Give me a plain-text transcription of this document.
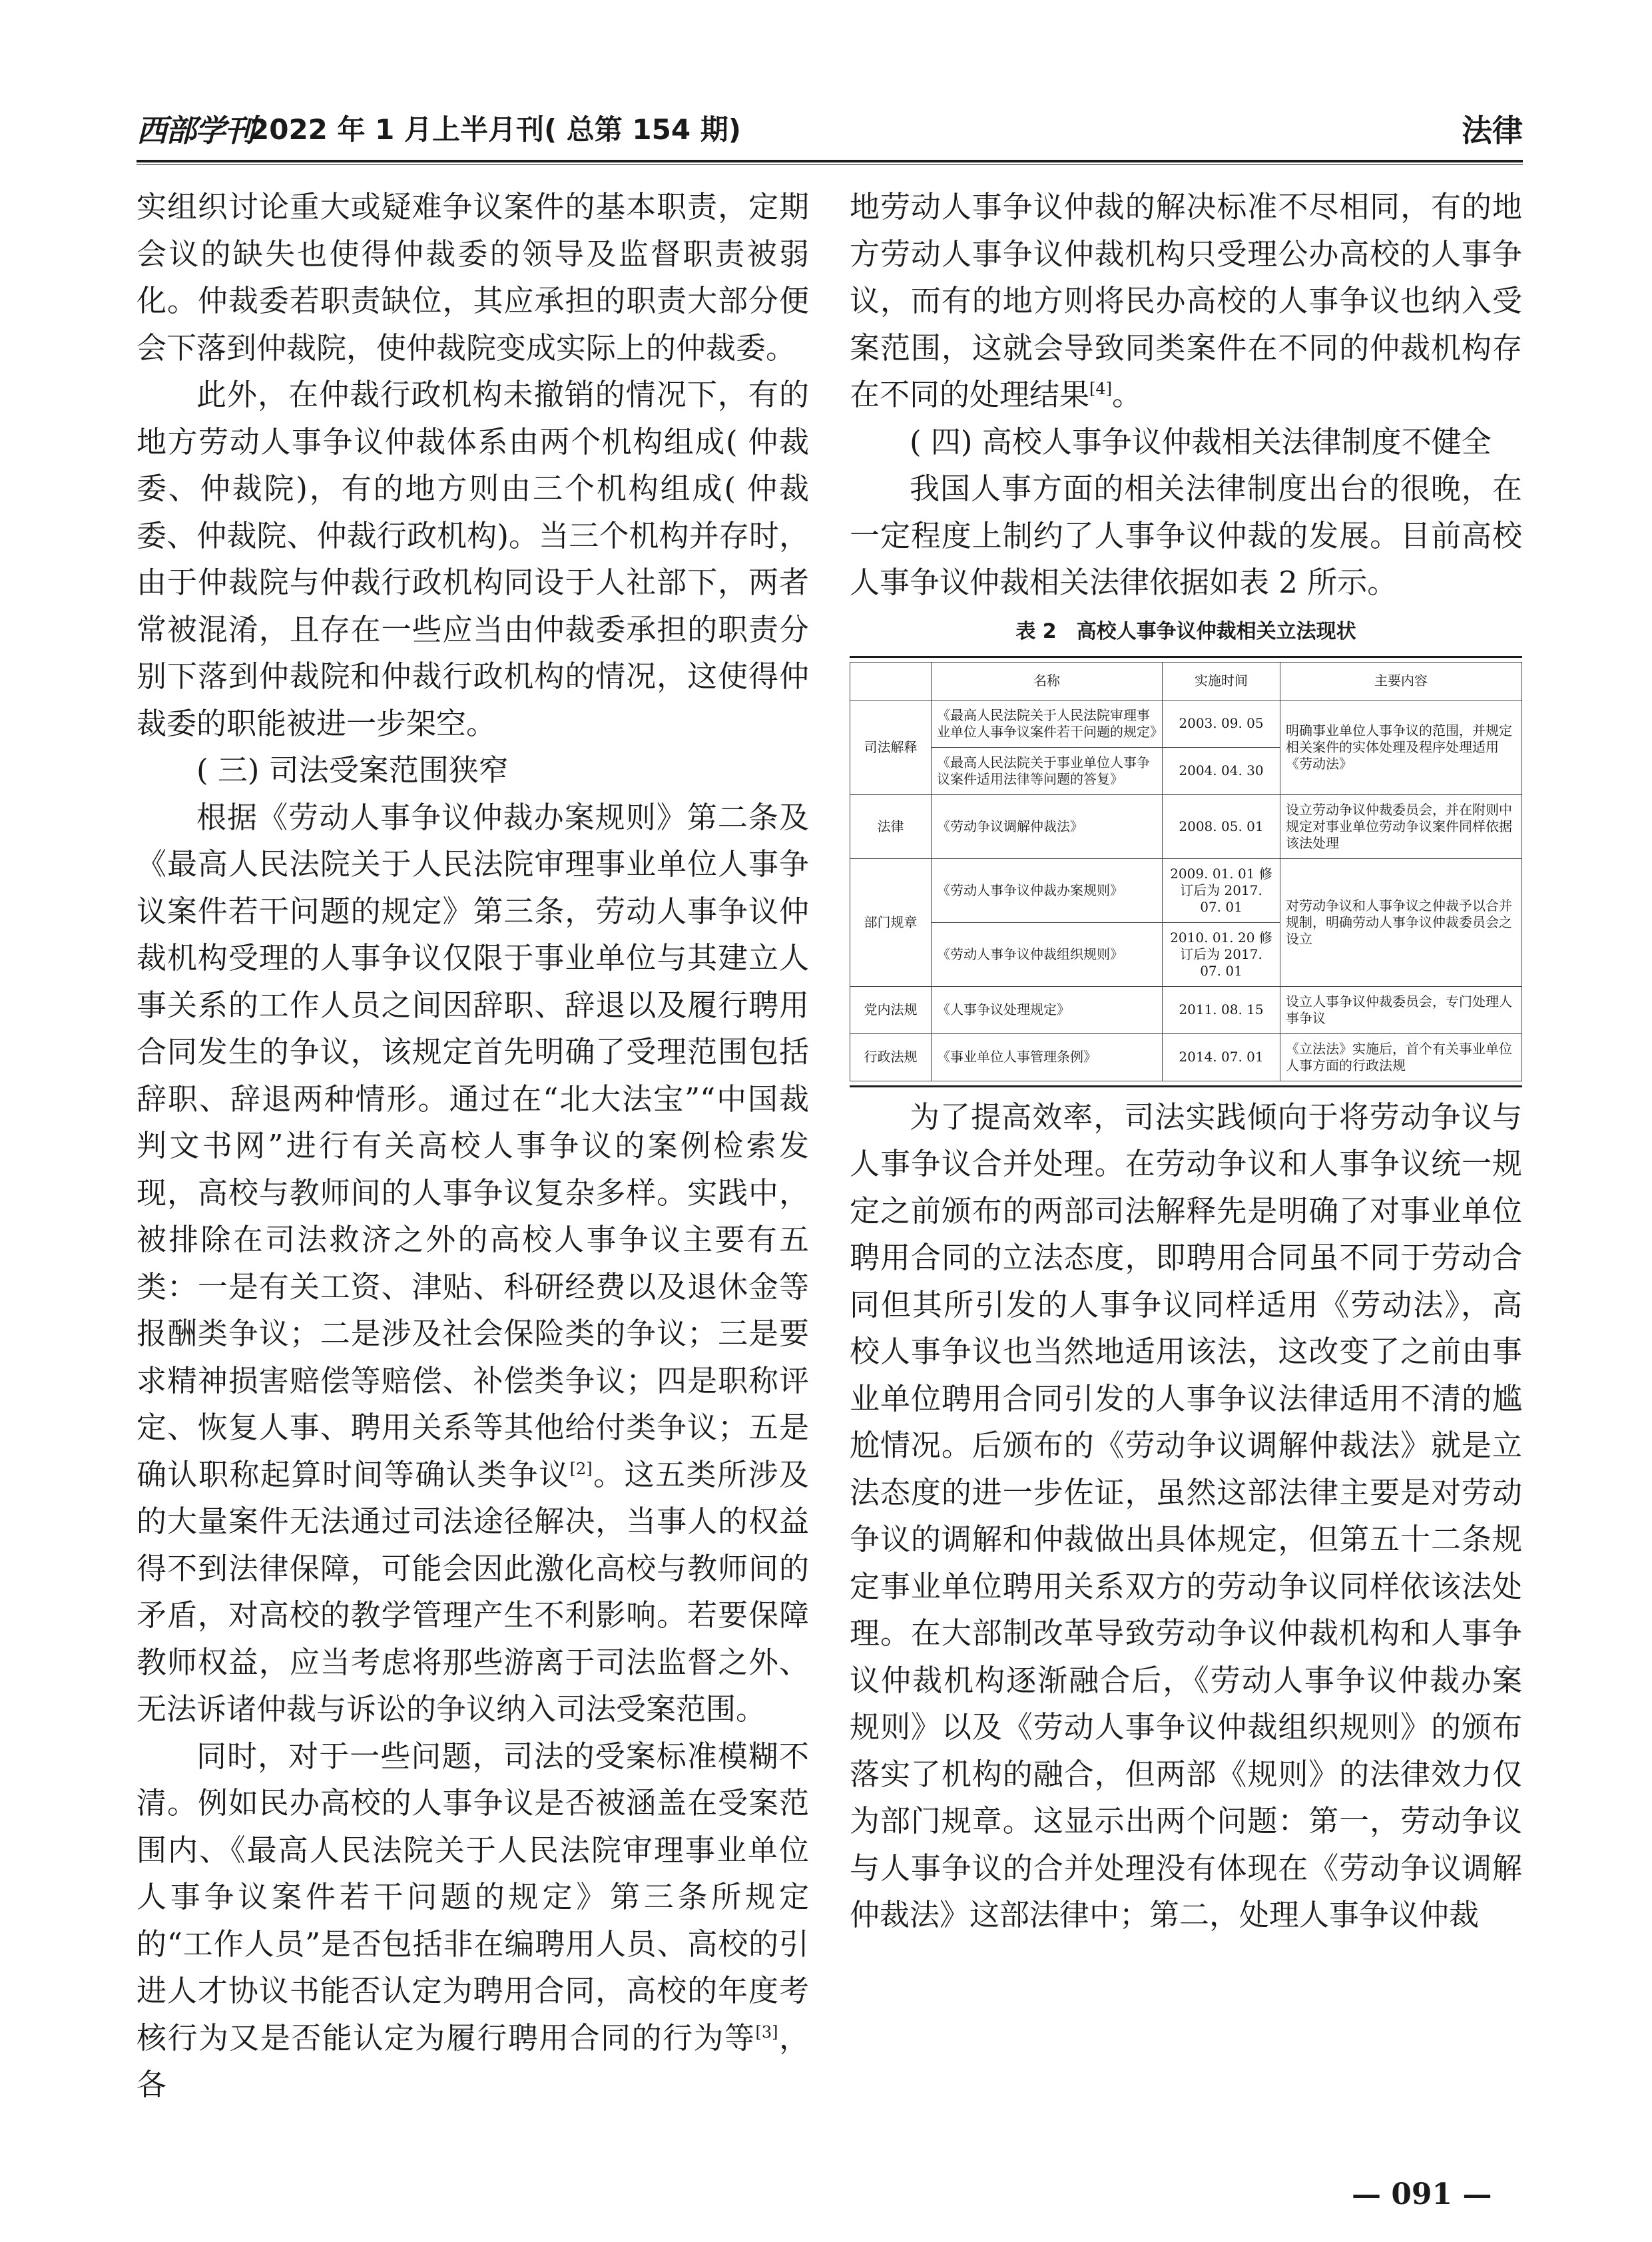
西部学刊
2022 年 1 月上半月刊( 总第 154 期)	法律

实组织讨论重大或疑难争议案件的基本职责，定期会议的缺失也使得仲裁委的领导及监督职责被弱化。仲裁委若职责缺位，其应承担的职责大部分便会下落到仲裁院，使仲裁院变成实际上的仲裁委。

此外，在仲裁行政机构未撤销的情况下，有的地方劳动人事争议仲裁体系由两个机构组成( 仲裁委、仲裁院)，有的地方则由三个机构组成( 仲裁委、仲裁院、仲裁行政机构)。当三个机构并存时，由于仲裁院与仲裁行政机构同设于人社部下，两者常被混淆，且存在一些应当由仲裁委承担的职责分别下落到仲裁院和仲裁行政机构的情况，这使得仲裁委的职能被进一步架空。

( 三) 司法受案范围狭窄

根据《劳动人事争议仲裁办案规则》第二条及《最高人民法院关于人民法院审理事业单位人事争议案件若干问题的规定》第三条，劳动人事争议仲裁机构受理的人事争议仅限于事业单位与其建立人事关系的工作人员之间因辞职、辞退以及履行聘用合同发生的争议，该规定首先明确了受理范围包括辞职、辞退两种情形。通过在“北大法宝”“中国裁判文书网”进行有关高校人事争议的案例检索发现，高校与教师间的人事争议复杂多样。实践中，被排除在司法救济之外的高校人事争议主要有五类：一是有关工资、津贴、科研经费以及退休金等报酬类争议；二是涉及社会保险类的争议；三是要求精神损害赔偿等赔偿、补偿类争议；四是职称评定、恢复人事、聘用关系等其他给付类争议；五是确认职称起算时间等确认类争议[2]。这五类所涉及的大量案件无法通过司法途径解决，当事人的权益得不到法律保障，可能会因此激化高校与教师间的矛盾，对高校的教学管理产生不利影响。若要保障教师权益，应当考虑将那些游离于司法监督之外、无法诉诸仲裁与诉讼的争议纳入司法受案范围。

同时，对于一些问题，司法的受案标准模糊不清。例如民办高校的人事争议是否被涵盖在受案范围内、《最高人民法院关于人民法院审理事业单位人事争议案件若干问题的规定》第三条所规定的“工作人员”是否包括非在编聘用人员、高校的引进人才协议书能否认定为聘用合同，高校的年度考核行为又是否能认定为履行聘用合同的行为等[3]，各

地劳动人事争议仲裁的解决标准不尽相同，有的地方劳动人事争议仲裁机构只受理公办高校的人事争议，而有的地方则将民办高校的人事争议也纳入受案范围，这就会导致同类案件在不同的仲裁机构存在不同的处理结果[4]。

( 四) 高校人事争议仲裁相关法律制度不健全

我国人事方面的相关法律制度出台的很晚，在一定程度上制约了人事争议仲裁的发展。目前高校人事争议仲裁相关法律依据如表 2 所示。

表 2　高校人事争议仲裁相关立法现状
	名称	实施时间	主要内容
司法解释	《最高人民法院关于人民法院审理事业单位人事争议案件若干问题的规定》	2003. 09. 05	明确事业单位人事争议的范围，并规定相关案件的实体处理及程序处理适用《劳动法》
	《最高人民法院关于事业单位人事争议案件适用法律等问题的答复》	2004. 04. 30	
法律	《劳动争议调解仲裁法》	2008. 05. 01	设立劳动争议仲裁委员会，并在附则中规定对事业单位劳动争议案件同样依据该法处理
部门规章	《劳动人事争议仲裁办案规则》	2009. 01. 01 修订后为 2017. 07. 01	对劳动争议和人事争议之仲裁予以合并规制，明确劳动人事争议仲裁委员会之设立
	《劳动人事争议仲裁组织规则》	2010. 01. 20 修订后为 2017. 07. 01	
党内法规	《人事争议处理规定》	2011. 08. 15	设立人事争议仲裁委员会，专门处理人事争议
行政法规	《事业单位人事管理条例》	2014. 07. 01	《立法法》实施后，首个有关事业单位人事方面的行政法规

为了提高效率，司法实践倾向于将劳动争议与人事争议合并处理。在劳动争议和人事争议统一规定之前颁布的两部司法解释先是明确了对事业单位聘用合同的立法态度，即聘用合同虽不同于劳动合同但其所引发的人事争议同样适用《劳动法》，高校人事争议也当然地适用该法，这改变了之前由事业单位聘用合同引发的人事争议法律适用不清的尴尬情况。后颁布的《劳动争议调解仲裁法》就是立法态度的进一步佐证，虽然这部法律主要是对劳动争议的调解和仲裁做出具体规定，但第五十二条规定事业单位聘用关系双方的劳动争议同样依该法处理。在大部制改革导致劳动争议仲裁机构和人事争议仲裁机构逐渐融合后，《劳动人事争议仲裁办案规则》以及《劳动人事争议仲裁组织规则》的颁布落实了机构的融合，但两部《规则》的法律效力仅为部门规章。这显示出两个问题：第一，劳动争议与人事争议的合并处理没有体现在《劳动争议调解仲裁法》这部法律中；第二，处理人事争议仲裁

— 091 —
